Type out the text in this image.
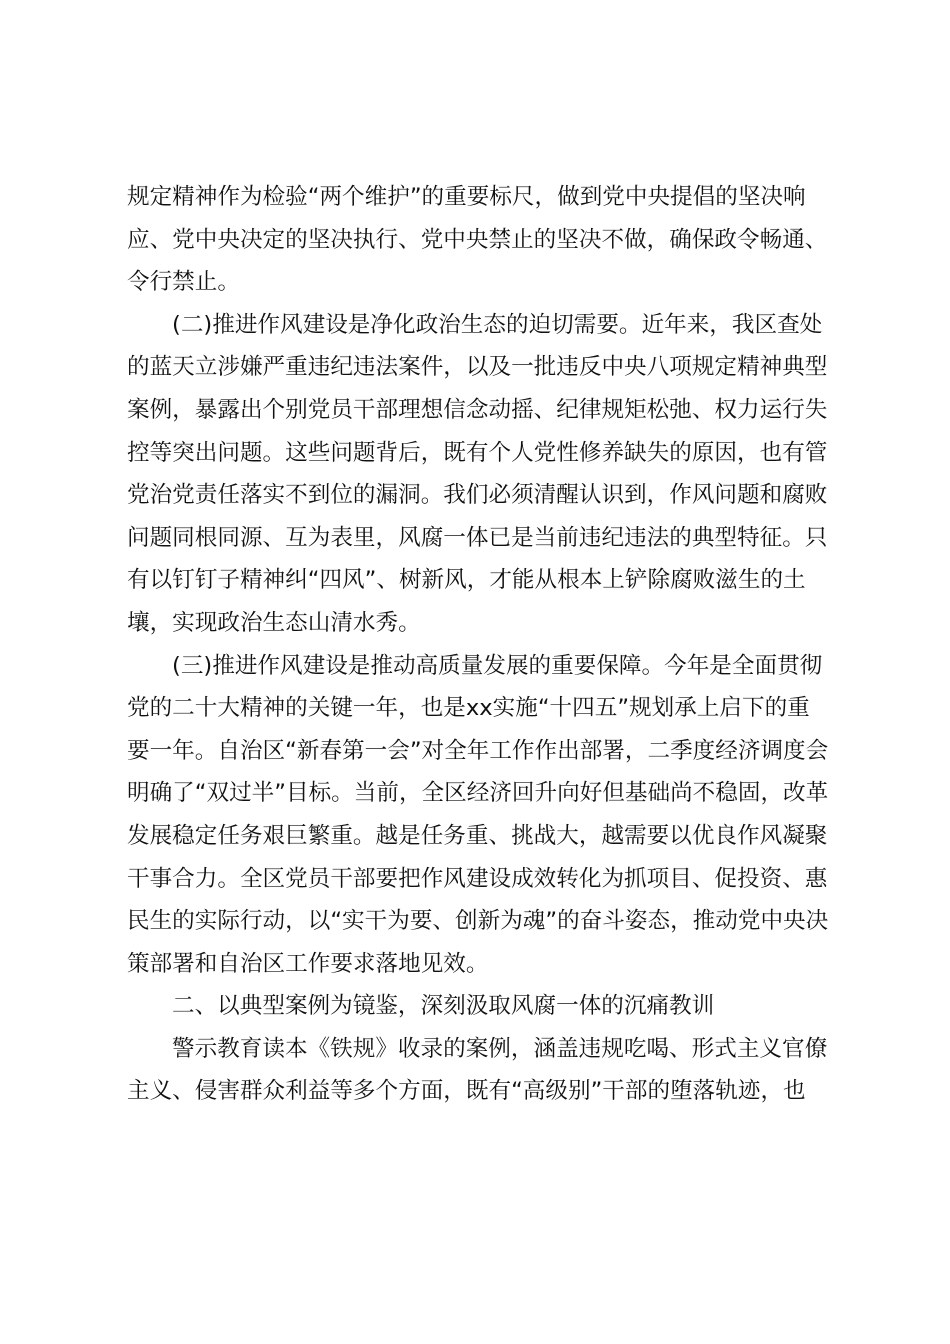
规定精神作为检验“两个维护”的重要标尺，做到党中央提倡的坚决响
应、党中央决定的坚决执行、党中央禁止的坚决不做，确保政令畅通、
令行禁止。
(二)推进作风建设是净化政治生态的迫切需要。近年来，我区查处
的蓝天立涉嫌严重违纪违法案件，以及一批违反中央八项规定精神典型
案例，暴露出个别党员干部理想信念动摇、纪律规矩松弛、权力运行失
控等突出问题。这些问题背后，既有个人党性修养缺失的原因，也有管
党治党责任落实不到位的漏洞。我们必须清醒认识到，作风问题和腐败
问题同根同源、互为表里，风腐一体已是当前违纪违法的典型特征。只
有以钉钉子精神纠“四风”、树新风，才能从根本上铲除腐败滋生的土
壤，实现政治生态山清水秀。
(三)推进作风建设是推动高质量发展的重要保障。今年是全面贯彻
党的二十大精神的关键一年，也是xx实施“十四五”规划承上启下的重
要一年。自治区“新春第一会”对全年工作作出部署，二季度经济调度会
明确了“双过半”目标。当前，全区经济回升向好但基础尚不稳固，改革
发展稳定任务艰巨繁重。越是任务重、挑战大，越需要以优良作风凝聚
干事合力。全区党员干部要把作风建设成效转化为抓项目、促投资、惠
民生的实际行动，以“实干为要、创新为魂”的奋斗姿态，推动党中央决
策部署和自治区工作要求落地见效。
二、以典型案例为镜鉴，深刻汲取风腐一体的沉痛教训
警示教育读本《铁规》收录的案例，涵盖违规吃喝、形式主义官僚
主义、侵害群众利益等多个方面，既有“高级别”干部的堕落轨迹，也
